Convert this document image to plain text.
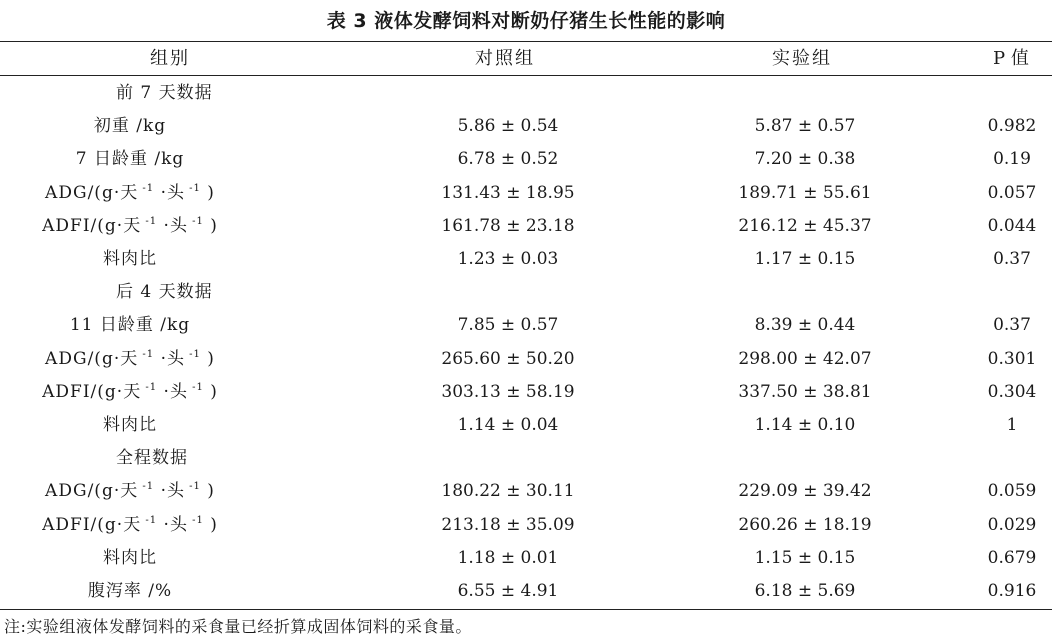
表 3 液体发酵饲料对断奶仔猪生长性能的影响
组别	对照组	实验组	P 值
前 7 天数据
初重 /kg	5.86 ± 0.54	5.87 ± 0.57	0.982
7 日龄重 /kg	6.78 ± 0.52	7.20 ± 0.38	0.19
ADG/(g·天 $^{-1}$ ·头 $^{-1}$ )	131.43 ± 18.95	189.71 ± 55.61	0.057
ADFI/(g·天 $^{-1}$ ·头 $^{-1}$ )	161.78 ± 23.18	216.12 ± 45.37	0.044
料肉比	1.23 ± 0.03	1.17 ± 0.15	0.37
后 4 天数据
11 日龄重 /kg	7.85 ± 0.57	8.39 ± 0.44	0.37
ADG/(g·天 $^{-1}$ ·头 $^{-1}$ )	265.60 ± 50.20	298.00 ± 42.07	0.301
ADFI/(g·天 $^{-1}$ ·头 $^{-1}$ )	303.13 ± 58.19	337.50 ± 38.81	0.304
料肉比	1.14 ± 0.04	1.14 ± 0.10	1
全程数据
ADG/(g·天 $^{-1}$ ·头 $^{-1}$ )	180.22 ± 30.11	229.09 ± 39.42	0.059
ADFI/(g·天 $^{-1}$ ·头 $^{-1}$ )	213.18 ± 35.09	260.26 ± 18.19	0.029
料肉比	1.18 ± 0.01	1.15 ± 0.15	0.679
腹泻率 /%	6.55 ± 4.91	6.18 ± 5.69	0.916
注:实验组液体发酵饲料的采食量已经折算成固体饲料的采食量。
